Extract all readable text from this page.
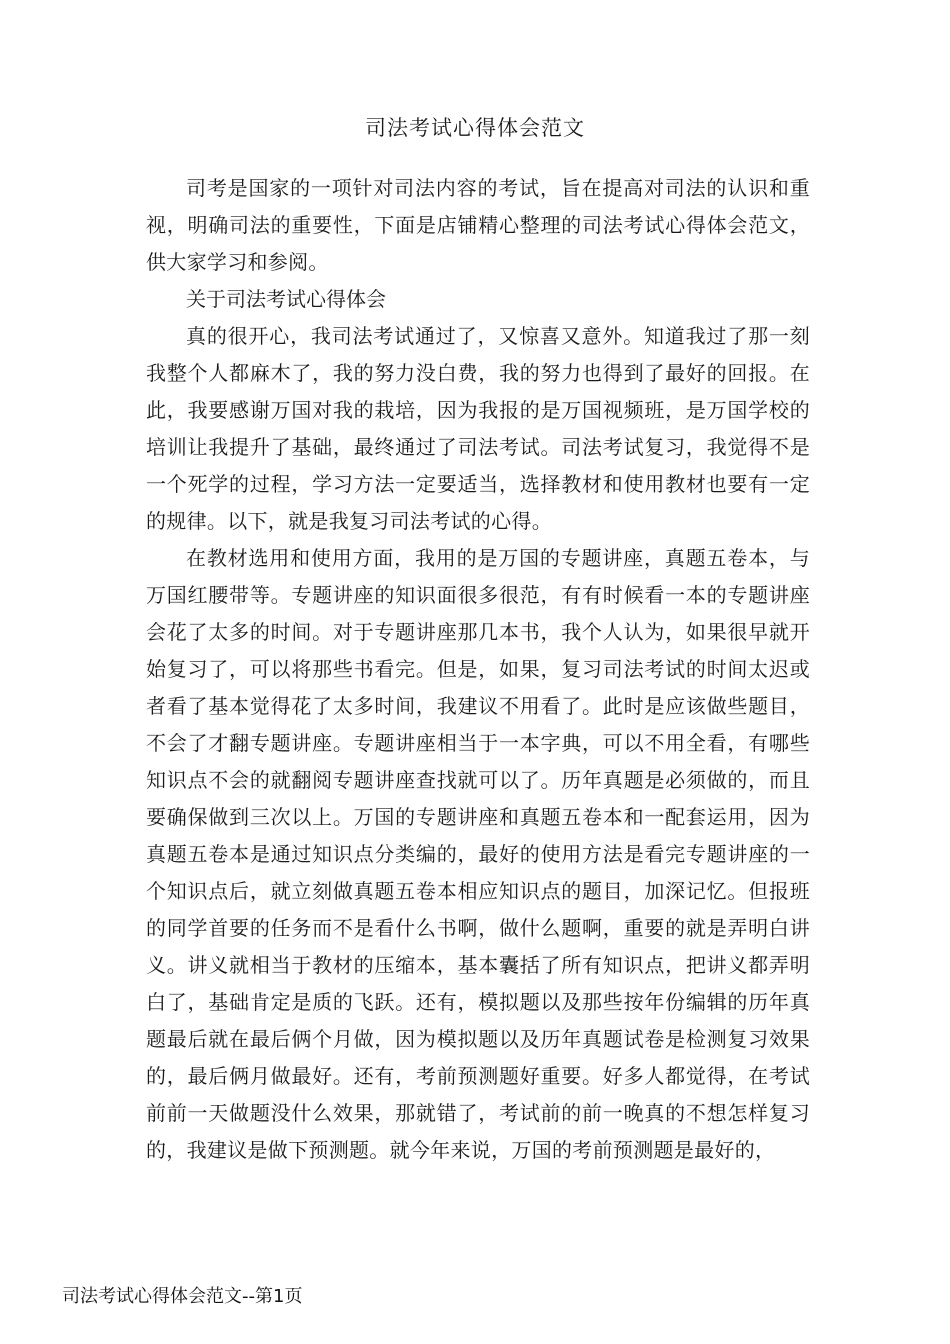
司法考试心得体会范文

司考是国家的一项针对司法内容的考试，旨在提高对司法的认识和重视，明确司法的重要性，下面是店铺精心整理的司法考试心得体会范文，供大家学习和参阅。

关于司法考试心得体会

真的很开心，我司法考试通过了，又惊喜又意外。知道我过了那一刻我整个人都麻木了，我的努力没白费，我的努力也得到了最好的回报。在此，我要感谢万国对我的栽培，因为我报的是万国视频班，是万国学校的培训让我提升了基础，最终通过了司法考试。司法考试复习，我觉得不是一个死学的过程，学习方法一定要适当，选择教材和使用教材也要有一定的规律。以下，就是我复习司法考试的心得。

在教材选用和使用方面，我用的是万国的专题讲座，真题五卷本，与万国红腰带等。专题讲座的知识面很多很范，有有时候看一本的专题讲座会花了太多的时间。对于专题讲座那几本书，我个人认为，如果很早就开始复习了，可以将那些书看完。但是，如果，复习司法考试的时间太迟或者看了基本觉得花了太多时间，我建议不用看了。此时是应该做些题目，不会了才翻专题讲座。专题讲座相当于一本字典，可以不用全看，有哪些知识点不会的就翻阅专题讲座查找就可以了。历年真题是必须做的，而且要确保做到三次以上。万国的专题讲座和真题五卷本和一配套运用，因为真题五卷本是通过知识点分类编的，最好的使用方法是看完专题讲座的一个知识点后，就立刻做真题五卷本相应知识点的题目，加深记忆。但报班的同学首要的任务而不是看什么书啊，做什么题啊，重要的就是弄明白讲义。讲义就相当于教材的压缩本，基本囊括了所有知识点，把讲义都弄明白了，基础肯定是质的飞跃。还有，模拟题以及那些按年份编辑的历年真题最后就在最后俩个月做，因为模拟题以及历年真题试卷是检测复习效果的，最后俩月做最好。还有，考前预测题好重要。好多人都觉得，在考试前前一天做题没什么效果，那就错了，考试前的前一晚真的不想怎样复习的，我建议是做下预测题。就今年来说，万国的考前预测题是最好的，

司法考试心得体会范文--第1页
